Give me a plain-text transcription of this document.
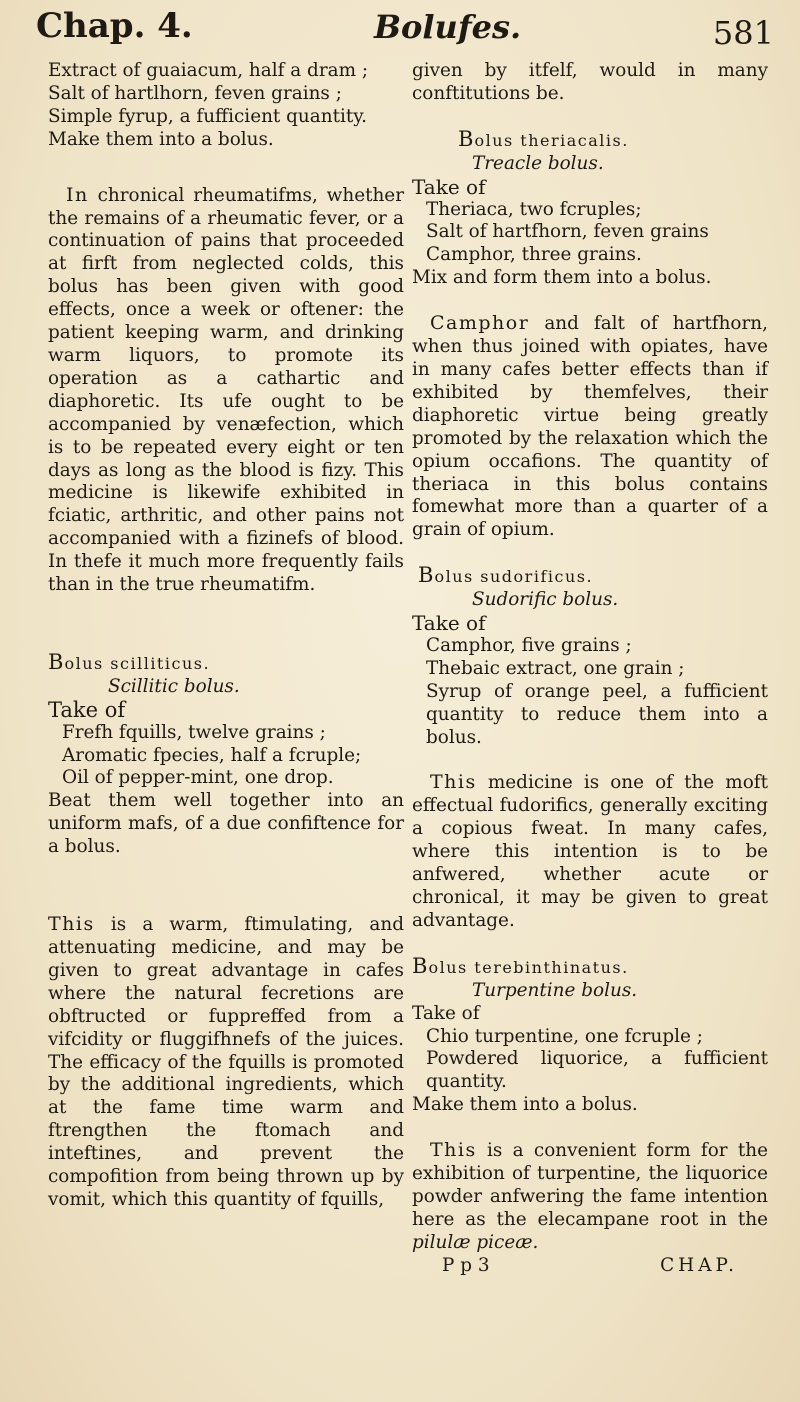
Chap. 4.	Bolufes.	581

Extract of guaiacum, half a dram ;

Salt of hartlhorn, feven grains ;

Simple fyrup, a fufficient quantity.

Make them into a bolus.

In chronical rheumatifms, whether the remains of a rheumatic fever, or a continuation of pains that proceeded at firft from neglected colds, this bolus has been given with good effects, once a week or oftener: the patient keeping warm, and drinking warm liquors, to promote its operation as a cathartic and diaphoretic. Its ufe ought to be accompanied by venæfection, which is to be repeated every eight or ten days as long as the blood is fizy. This medicine is likewife exhibited in fciatic, arthritic, and other pains not accompanied with a fizinefs of blood. In thefe it much more frequently fails than in the true rheumatifm.

Bolus scilliticus.

Scillitic bolus.

Take of

Frefh fquills, twelve grains ;

Aromatic fpecies, half a fcruple;

Oil of pepper-mint, one drop.

Beat them well together into an uniform mafs, of a due confiftence for a bolus.

This is a warm, ftimulating, and attenuating medicine, and may be given to great advantage in cafes where the natural fecretions are obftructed or fuppreffed from a vifcidity or fluggifhnefs of the juices. The efficacy of the fquills is promoted by the additional ingredients, which at the fame time warm and ftrengthen the ftomach and inteftines, and prevent the compofition from being thrown up by vomit, which this quantity of fquills,

given by itfelf, would in many conftitutions be.

Bolus theriacalis.

Treacle bolus.

Take of

Theriaca, two fcruples;

Salt of hartfhorn, feven grains

Camphor, three grains.

Mix and form them into a bolus.

Camphor and falt of hartfhorn, when thus joined with opiates, have in many cafes better effects than if exhibited by themfelves, their diaphoretic virtue being greatly promoted by the relaxation which the opium occafions. The quantity of theriaca in this bolus contains fomewhat more than a quarter of a grain of opium.

Bolus sudorificus.

Sudorific bolus.

Take of

Camphor, five grains ;

Thebaic extract, one grain ;

Syrup of orange peel, a fufficient quantity to reduce them into a bolus.

This medicine is one of the moft effectual fudorifics, generally exciting a copious fweat. In many cafes, where this intention is to be anfwered, whether acute or chronical, it may be given to great advantage.

Bolus terebinthinatus.

Turpentine bolus.

Take of

Chio turpentine, one fcruple ;

Powdered liquorice, a fufficient quantity.

Make them into a bolus.

This is a convenient form for the exhibition of turpentine, the liquorice powder anfwering the fame intention here as the elecampane root in the pilulæ piceæ.

P p 3	CHAP.
